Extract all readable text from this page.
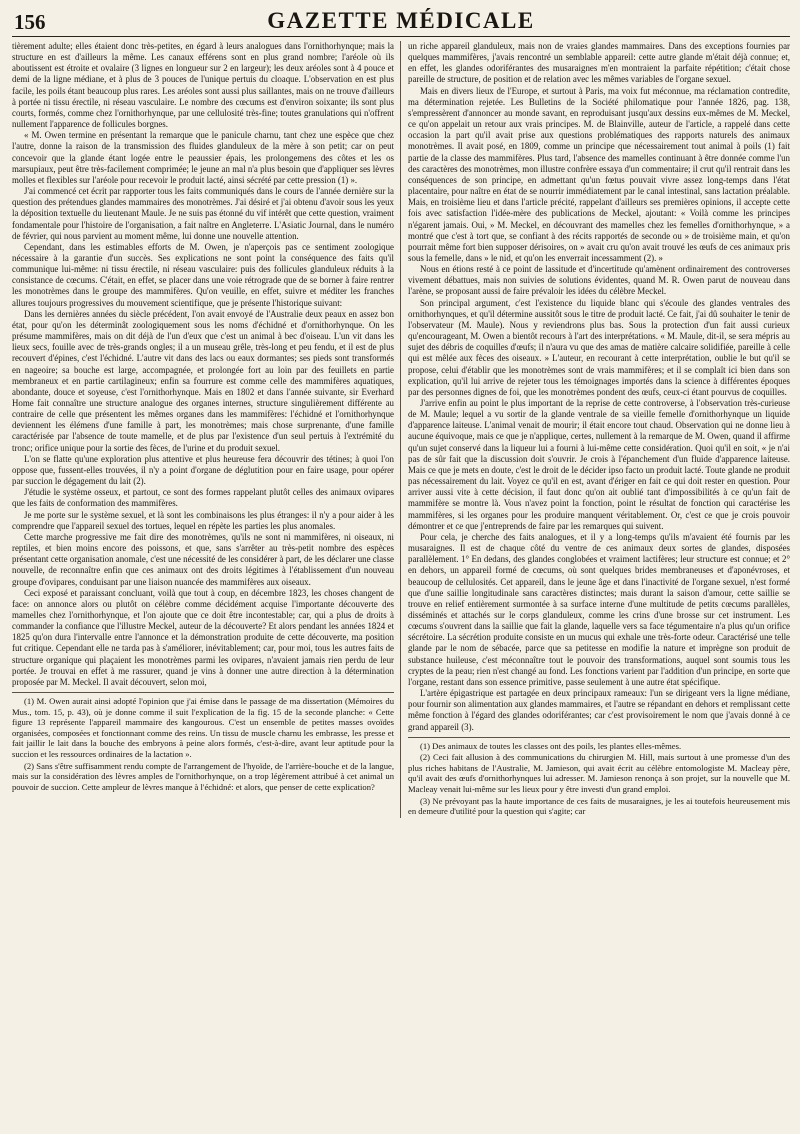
156	GAZETTE MÉDICALE

tièrement adulte; elles étaient donc très-petites, en égard à leurs analogues dans l'ornithorhynque; mais la structure en est d'ailleurs la même. Les canaux efférens sont en plus grand nombre; l'aréole où ils aboutissent est étroite et ovalaire (3 lignes en longueur sur 2 en largeur); les deux aréoles sont à 4 pouce et demi de la ligne médiane, et à plus de 3 pouces de l'unique pertuis du cloaque. L'observation en est plus facile, les poils étant beaucoup plus rares. Les aréoles sont aussi plus saillantes, mais on ne trouve d'ailleurs à portée ni tissu érectile, ni réseau vasculaire. Le nombre des cœcums est d'environ soixante; ils sont plus courts, formés, comme chez l'ornithorhynque, par une cellulosité très-fine; toutes granulations qui n'offrent nullement l'apparence de follicules borgnes.

« M. Owen termine en présentant la remarque que le panicule charnu, tant chez une espèce que chez l'autre, donne la raison de la transmission des fluides glanduleux de la mère à son petit; car on peut concevoir que la glande étant logée entre le peaussier épais, les prolongemens des côtes et les os marsupiaux, peut être très-facilement comprimée; le jeune an mal n'a plus besoin que d'appliquer ses lèvres molles et flexibles sur l'aréole pour recevoir le produit lacté, ainsi sécrété par cette pression (1) ».

J'ai commencé cet écrit par rapporter tous les faits communiqués dans le cours de l'année dernière sur la question des prétendues glandes mammaires des monotrèmes. J'ai désiré et j'ai obtenu d'avoir sous les yeux la déposition textuelle du lieutenant Maule. Je ne suis pas étonné du vif intérêt que cette question, vraiment fondamentale pour l'histoire de l'organisation, a fait naître en Angleterre. L'Asiatic Journal, dans le numéro de février, qui nous parvient au moment même, lui donne une nouvelle attention.

Cependant, dans les estimables efforts de M. Owen, je n'aperçois pas ce sentiment zoologique nécessaire à la garantie d'un succès. Ses explications ne sont point la conséquence des faits qu'il communique lui-même: ni tissu érectile, ni réseau vasculaire: puis des follicules glanduleux réduits à la consistance de cœcums. C'était, en effet, se placer dans une voie rétrograde que de se borner à faire rentrer les monotrèmes dans le groupe des mammifères. Qu'on veuille, en effet, suivre et méditer les franches allures toujours progressives du mouvement scientifique, que je présente l'historique suivant:

Dans les dernières années du siècle précédent, l'on avait envoyé de l'Australie deux peaux en assez bon état, pour qu'on les déterminât zoologiquement sous les noms d'échidné et d'ornithorhynque. On les présume mammifères, mais on dit déjà de l'un d'eux que c'est un animal à bec d'oiseau. L'un vit dans les lieux secs, fouille avec de très-grands ongles; il a un museau grêle, très-long et peu fendu, et il est de plus recouvert d'épines, c'est l'échidné. L'autre vit dans des lacs ou eaux dormantes; ses pieds sont transformés en nageoire; sa bouche est large, accompagnée, et prolongée fort au loin par des feuillets en partie membraneux et en partie cartilagineux; enfin sa fourrure est comme celle des mammifères aquatiques, abondante, douce et soyeuse, c'est l'ornithorhynque. Mais en 1802 et dans l'année suivante, sir Everhard Home fait connaître une structure analogue des organes internes, structure singulièrement différente au contraire de celle que présentent les mêmes organes dans les mammifères: l'échidné et l'ornithorhynque deviennent les élémens d'une famille à part, les monotrèmes; mais chose surprenante, d'une famille caractérisée par l'absence de toute mamelle, et de plus par l'existence d'un seul pertuis à l'extrémité du tronc; orifice unique pour la sortie des fèces, de l'urine et du produit sexuel.

L'on se flatte qu'une exploration plus attentive et plus heureuse fera découvrir des tétines; à quoi l'on oppose que, fussent-elles trouvées, il n'y a point d'organe de déglutition pour en faire usage, pour opérer par succion le dégagement du lait (2).

J'étudie le système osseux, et partout, ce sont des formes rappelant plutôt celles des animaux ovipares que les faits de conformation des mammifères.

Je me porte sur le système sexuel, et là sont les combinaisons les plus étranges: il n'y a pour aider à les comprendre que l'appareil sexuel des tortues, lequel en répète les parties les plus anomales.

Cette marche progressive me fait dire des monotrèmes, qu'ils ne sont ni mammifères, ni oiseaux, ni reptiles, et bien moins encore des poissons, et que, sans s'arrêter au très-petit nombre des espèces présentant cette organisation anomale, c'est une nécessité de les considérer à part, de les déclarer une classe nouvelle, de reconnaître enfin que ces animaux ont des droits légitimes à l'établissement d'un nouveau groupe d'ovipares, conduisant par une liaison nuancée des mammifères aux oiseaux.

Ceci exposé et paraissant concluant, voilà que tout à coup, en décembre 1823, les choses changent de face: on annonce alors ou plutôt on célèbre comme décidément acquise l'importante découverte des mamelles chez l'ornithorhynque, et l'on ajoute que ce doit être incontestable; car, qui a plus de droits à commander la confiance que l'illustre Meckel, auteur de la découverte? Et alors pendant les années 1824 et 1825 qu'on dura l'intervalle entre l'annonce et la démonstration produite de cette découverte, ma position fut critique. Cependant elle ne tarda pas à s'améliorer, inévitablement; car, pour moi, tous les autres faits de structure organique qui plaçaient les monotrèmes parmi les ovipares, n'avaient jamais rien perdu de leur portée. Je trouvai en effet à me rassurer, quand je vins à donner une autre direction à la détermination proposée par M. Meckel. Il avait découvert, selon moi,

(1) M. Owen aurait ainsi adopté l'opinion que j'ai émise dans le passage de ma dissertation (Mémoires du Mus., tom. 15, p. 43), où je donne comme il suit l'explication de la fig. 15 de la seconde planche: « Cette figure 13 représente l'appareil mammaire des kangourous. C'est un ensemble de petites masses ovoïdes organisées, composées et fonctionnant comme des reins. Un tissu de muscle charnu les embrasse, les presse et fait jaillir le lait dans la bouche des embryons à peine alors formés, c'est-à-dire, avant leur aptitude pour la succion et les ressources ordinaires de la lactation ».

(2) Sans s'être suffisamment rendu compte de l'arrangement de l'hyoïde, de l'arrière-bouche et de la langue, mais sur la considération des lèvres amples de l'ornithorhynque, on a trop légèrement attribué à cet animal un pouvoir de succion. Cette ampleur de lèvres manque à l'échidné: et alors, que penser de cette explication?

un riche appareil glanduleux, mais non de vraies glandes mammaires. Dans des exceptions fournies par quelques mammifères, j'avais rencontré un semblable appareil: cette autre glande m'était déjà connue; et, en effet, les glandes odoriférantes des musaraignes m'en montraient la parfaite répétition; c'était chose pareille de structure, de position et de relation avec les mêmes variables de l'organe sexuel.

Mais en divers lieux de l'Europe, et surtout à Paris, ma voix fut méconnue, ma réclamation contredite, ma détermination rejetée. Les Bulletins de la Société philomatique pour l'année 1826, pag. 138, s'empressèrent d'annoncer au monde savant, en reproduisant jusqu'aux dessins eux-mêmes de M. Meckel, ce qu'on appelait un retour aux vrais principes. M. de Blainville, auteur de l'article, a rappelé dans cette occasion la part qu'il avait prise aux questions problématiques des rapports naturels des animaux monotrèmes. Il avait posé, en 1809, comme un principe que nécessairement tout animal à poils (1) fait partie de la classe des mammifères. Plus tard, l'absence des mamelles continuant à être donnée comme l'un des caractères des monotrèmes, mon illustre confrère essaya d'un commentaire; il crut qu'il rentrait dans les conséquences de son principe, en admettant qu'un fœtus pouvait vivre assez long-temps dans l'état placentaire, pour naître en état de se nourrir immédiatement par le canal intestinal, sans lactation préalable. Mais, en troisième lieu et dans l'article précité, rappelant d'ailleurs ses premières opinions, il accepte cette fois avec satisfaction l'idée-mère des publications de Meckel, ajoutant: « Voilà comme les principes n'égarent jamais. Oui, » M. Meckel, en découvrant des mamelles chez les femelles d'ornithorhynque, » a montré que c'est à tort que, se confiant à des récits rapportés de seconde ou » de troisième main, et qu'on pourrait même fort bien supposer dérisoires, on » avait cru qu'on avait trouvé les œufs de ces animaux pris sous la femelle, dans » le nid, et qu'on les enverrait incessamment (2). »

Nous en étions resté à ce point de lassitude et d'incertitude qu'amènent ordinairement des controverses vivement débattues, mais non suivies de solutions évidentes, quand M. R. Owen parut de nouveau dans l'arène, se proposant aussi de faire prévaloir les idées du célèbre Meckel.

Son principal argument, c'est l'existence du liquide blanc qui s'écoule des glandes ventrales des ornithorhynques, et qu'il détermine aussitôt sous le titre de produit lacté. Ce fait, j'ai dû souhaiter le tenir de l'observateur (M. Maule). Nous y reviendrons plus bas. Sous la protection d'un fait aussi curieux qu'encourageant, M. Owen a bientôt recours à l'art des interprétations. « M. Maule, dit-il, se sera mépris au sujet des débris de coquilles d'œufs; il n'aura vu que des amas de matière calcaire solidifiée, pareille à celle qui est mêlée aux fèces des oiseaux. » L'auteur, en recourant à cette interprétation, oublie le but qu'il se propose, celui d'établir que les monotrèmes sont de vrais mammifères; et il se complaît ici bien dans son explication, qu'il lui arrive de rejeter tous les témoignages importés dans la science à différentes époques par des personnes dignes de foi, que les monotrèmes pondent des œufs, ceux-ci étant pourvus de coquilles.

J'arrive enfin au point le plus important de la reprise de cette controverse, à l'observation très-curieuse de M. Maule; lequel a vu sortir de la glande ventrale de sa vieille femelle d'ornithorhynque un liquide d'apparence laiteuse. L'animal venait de mourir; il était encore tout chaud. Observation qui ne donne lieu à aucune équivoque, mais ce que je n'applique, certes, nullement à la remarque de M. Owen, quand il affirme qu'un sujet conservé dans la liqueur lui a fourni à lui-même cette considération. Quoi qu'il en soit, « je n'ai pas de sûr fait que la discussion doit s'ouvrir. Je crois à l'épanchement d'un fluide d'apparence laiteuse. Mais ce que je mets en doute, c'est le droit de le décider ipso facto un produit lacté. Toute glande ne produit pas nécessairement du lait. Voyez ce qu'il en est, avant d'ériger en fait ce qui doit rester en question. Pour arriver aussi vite à cette décision, il faut donc qu'on ait oublié tant d'impossibilités à ce qu'un fait de mammifère se montre là. Vous n'avez point la fonction, point le résultat de fonction qui caractérise les mammifères, si les organes pour les produire manquent véritablement. Or, c'est ce que je crois pouvoir démontrer et ce que j'entreprends de faire par les remarques qui suivent.

Pour cela, je cherche des faits analogues, et il y a long-temps qu'ils m'avaient été fournis par les musaraignes. Il est de chaque côté du ventre de ces animaux deux sortes de glandes, disposées parallèlement. 1° En dedans, des glandes conglobées et vraiment lactifères; leur structure est connue; et 2° en dehors, un appareil formé de cœcums, où sont quelques brides membraneuses et d'aponévroses, et beaucoup de cellulosités. Cet appareil, dans le jeune âge et dans l'inactivité de l'organe sexuel, n'est formé que d'une saillie longitudinale sans caractères distinctes; mais durant la saison d'amour, cette saillie se trouve en relief entièrement surmontée à sa surface interne d'une multitude de petits cœcums parallèles, disséminés et attachés sur le corps glanduleux, comme les crins d'une brosse sur cet instrument. Les cœcums s'ouvrent dans la saillie que fait la glande, laquelle vers sa face tégumentaire n'a plus qu'un orifice sécrétoire. La sécrétion produite consiste en un mucus qui exhale une très-forte odeur. Caractérisé une telle glande par le nom de sébacée, parce que sa petitesse en modifie la nature et imprègne son produit de substance huileuse, c'est méconnaître tout le pouvoir des transformations, auquel sont soumis tous les cryptes de la peau; rien n'est changé au fond. Les fonctions varient par l'addition d'un principe, en sorte que l'organe, restant dans son essence primitive, passe seulement à une autre état spécifique.

L'artère épigastrique est partagée en deux principaux rameaux: l'un se dirigeant vers la ligne médiane, pour fournir son alimentation aux glandes mammaires, et l'autre se répandant en dehors et remplissant cette même fonction à l'égard des glandes odoriférantes; car c'est provisoirement le nom que j'avais donné à ce grand appareil (3).

(1) Des animaux de toutes les classes ont des poils, les plantes elles-mêmes.

(2) Ceci fait allusion à des communications du chirurgien M. Hill, mais surtout à une promesse d'un des plus riches habitans de l'Australie, M. Jamieson, qui avait écrit au célèbre entomologiste M. Macleay père, qu'il avait des œufs d'ornithorhynques lui adresser. M. Jamieson renonça à son projet, sur la nouvelle que M. Macleay venait lui-même sur les lieux pour y être investi d'un grand emploi.

(3) Ne prévoyant pas la haute importance de ces faits de musaraignes, je les ai toutefois heureusement mis en demeure d'utilité pour la question qui s'agite; car
